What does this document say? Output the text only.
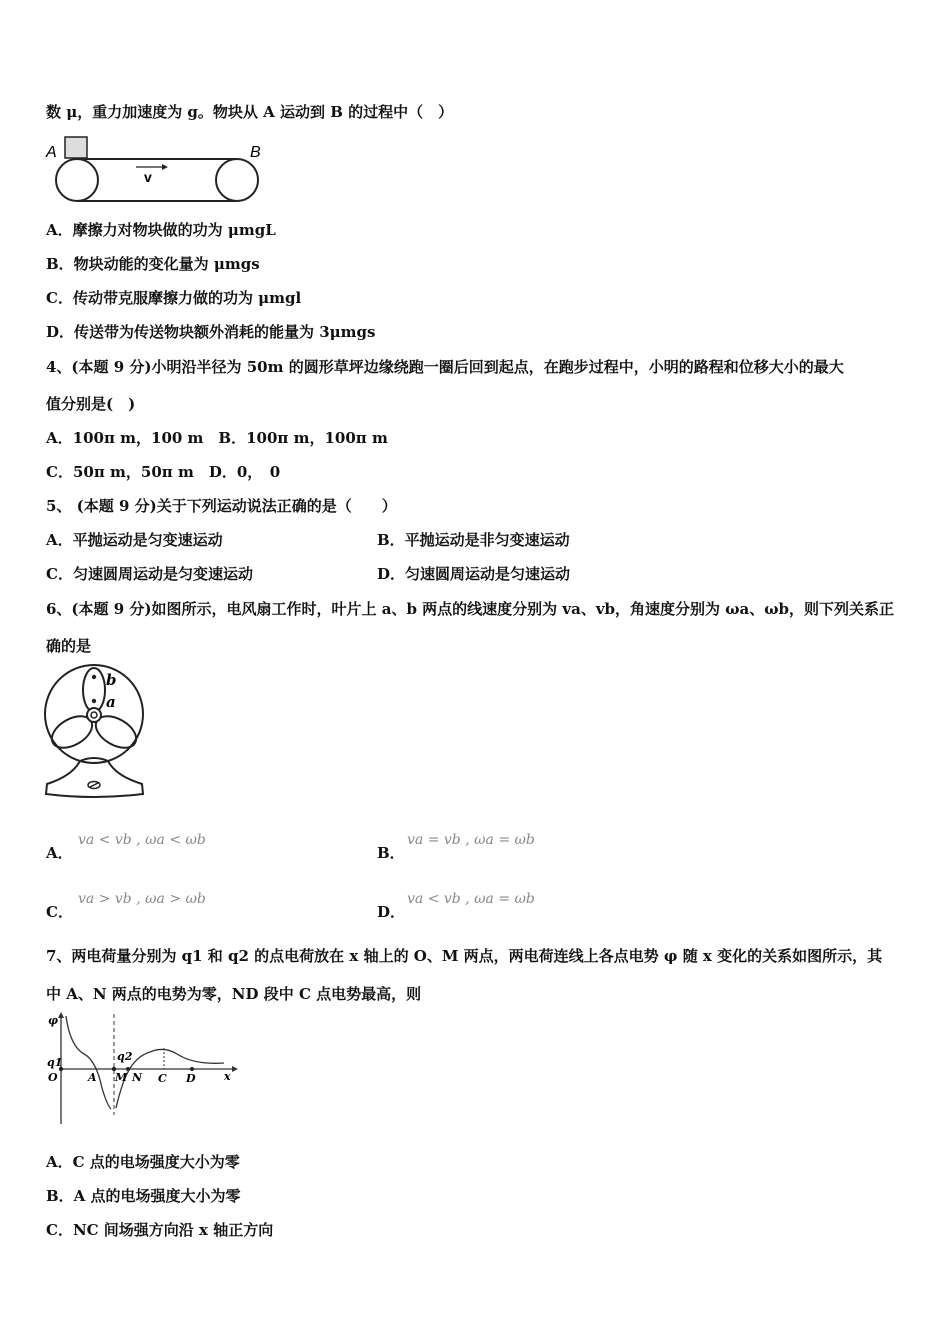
数 μ，重力加速度为 g。物块从 A 运动到 B 的过程中（　）
A	B
v
A．摩擦力对物块做的功为 μmgL
B．物块动能的变化量为 μmgs
C．传动带克服摩擦力做的功为 μmgl
D．传送带为传送物块额外消耗的能量为 3μmgs
4、(本题 9 分)小明沿半径为 50m 的圆形草坪边缘绕跑一圈后回到起点，在跑步过程中，小明的路程和位移大小的最大
值分别是(　)
A．100π m，100 m　B．100π m，100π m
C．50π m，50π m　D．0，　0
5、 (本题 9 分)关于下列运动说法正确的是（　　）
A．平抛运动是匀变速运动	B．平抛运动是非匀变速运动
C．匀速圆周运动是匀变速运动	D．匀速圆周运动是匀速运动
6、(本题 9 分)如图所示，电风扇工作时，叶片上 a、b 两点的线速度分别为 va、vb，角速度分别为 ωa、ωb，则下列关系正
确的是
b
a
A．
va < vb , ωa < ωb
B．
va = vb , ωa = ωb
C．
va > vb , ωa > ωb
D．
va < vb , ωa = ωb
7、两电荷量分别为 q1 和 q2 的点电荷放在 x 轴上的 O、M 两点，两电荷连线上各点电势 φ 随 x 变化的关系如图所示，其
中 A、N 两点的电势为零，ND 段中 C 点电势最高，则
φ
q1	q2
O	A M N C D	x
A．C 点的电场强度大小为零
B．A 点的电场强度大小为零
C．NC 间场强方向沿 x 轴正方向
